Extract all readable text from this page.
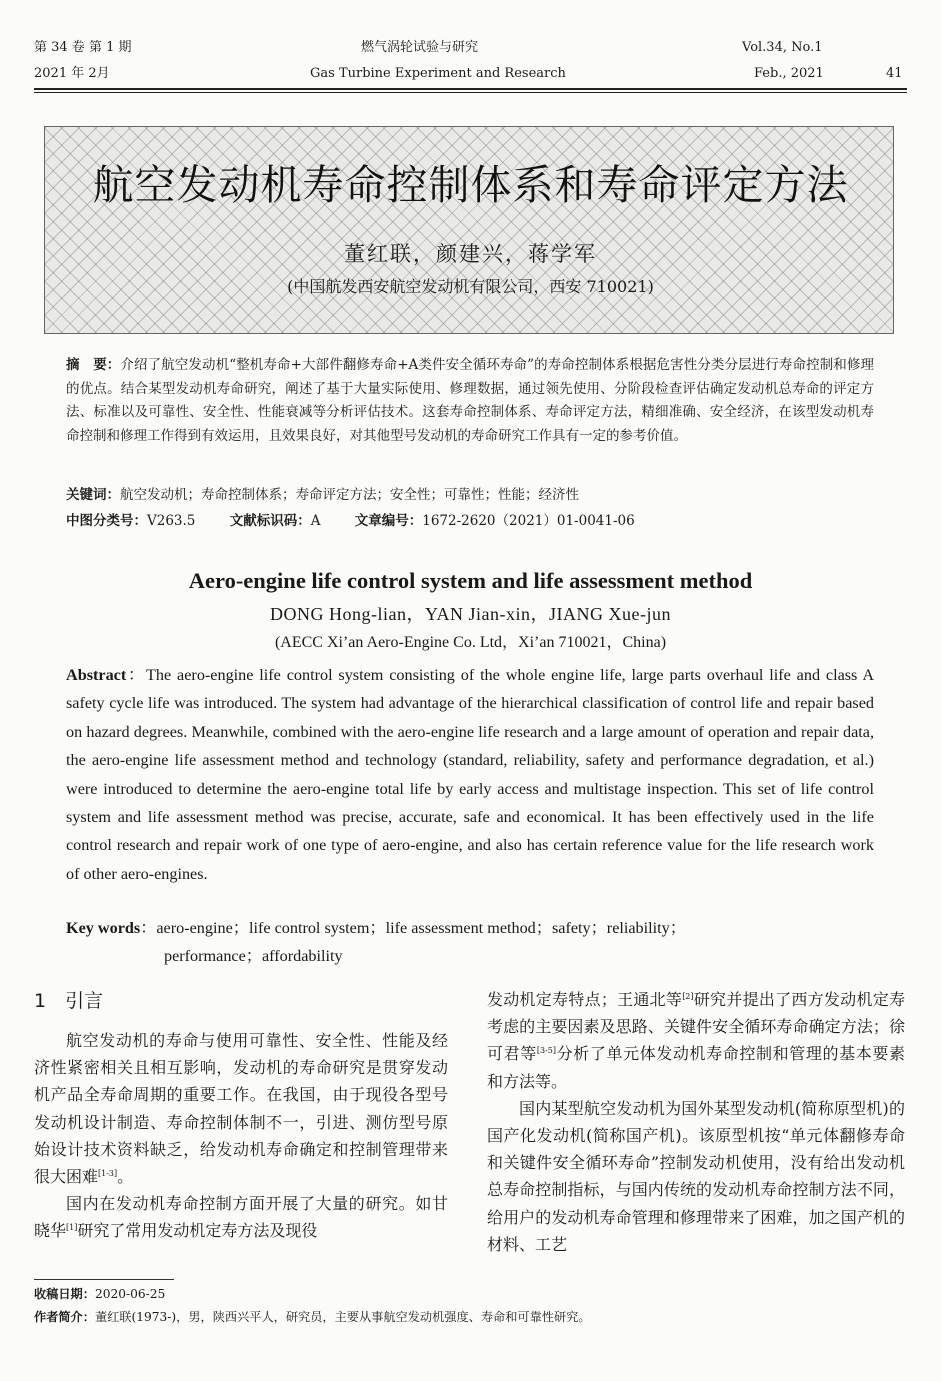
第 34 卷 第 1 期	燃气涡轮试验与研究	Vol.34, No.1
2021 年 2月	Gas Turbine Experiment and Research	Feb., 2021	41
航空发动机寿命控制体系和寿命评定方法
董红联，颜建兴，蒋学军
(中国航发西安航空发动机有限公司，西安 710021)
摘　要：介绍了航空发动机“整机寿命+大部件翻修寿命+A类件安全循环寿命”的寿命控制体系根据危害性分类分层进行寿命控制和修理的优点。结合某型发动机寿命研究，阐述了基于大量实际使用、修理数据，通过领先使用、分阶段检查评估确定发动机总寿命的评定方法、标准以及可靠性、安全性、性能衰减等分析评估技术。这套寿命控制体系、寿命评定方法，精细准确、安全经济，在该型发动机寿命控制和修理工作得到有效运用，且效果良好，对其他型号发动机的寿命研究工作具有一定的参考价值。
关键词：航空发动机；寿命控制体系；寿命评定方法；安全性；可靠性；性能；经济性
中图分类号：V263.5	文献标识码：A	文章编号：1672-2620（2021）01-0041-06
Aero-engine life control system and life assessment method
DONG Hong-lian，YAN Jian-xin，JIANG Xue-jun
(AECC Xi’an Aero-Engine Co. Ltd，Xi’an 710021，China)
Abstract：The aero-engine life control system consisting of the whole engine life, large parts overhaul life and class A safety cycle life was introduced. The system had advantage of the hierarchical classification of control life and repair based on hazard degrees. Meanwhile, combined with the aero-engine life research and a large amount of operation and repair data, the aero-engine life assessment method and technology (standard, reliability, safety and performance degradation, et al.) were introduced to determine the aero-engine total life by early access and multistage inspection. This set of life control system and life assessment method was precise, accurate, safe and economical. It has been effectively used in the life control research and repair work of one type of aero-engine, and also has certain reference value for the life research work of other aero-engines.
Key words：aero-engine；life control system；life assessment method；safety；reliability；
performance；affordability
1　引言

航空发动机的寿命与使用可靠性、安全性、性能及经济性紧密相关且相互影响，发动机的寿命研究是贯穿发动机产品全寿命周期的重要工作。在我国，由于现役各型号发动机设计制造、寿命控制体制不一，引进、测仿型号原始设计技术资料缺乏，给发动机寿命确定和控制管理带来很大困难[1-3]。

国内在发动机寿命控制方面开展了大量的研究。如甘晓华[1]研究了常用发动机定寿方法及现役

发动机定寿特点；王通北等[2]研究并提出了西方发动机定寿考虑的主要因素及思路、关键件安全循环寿命确定方法；徐可君等[3-5]分析了单元体发动机寿命控制和管理的基本要素和方法等。

国内某型航空发动机为国外某型发动机(简称原型机)的国产化发动机(简称国产机)。该原型机按“单元体翻修寿命和关键件安全循环寿命”控制发动机使用，没有给出发动机总寿命控制指标，与国内传统的发动机寿命控制方法不同，给用户的发动机寿命管理和修理带来了困难，加之国产机的材料、工艺

收稿日期：2020-06-25
作者简介：董红联(1973-)，男，陕西兴平人，研究员，主要从事航空发动机强度、寿命和可靠性研究。
